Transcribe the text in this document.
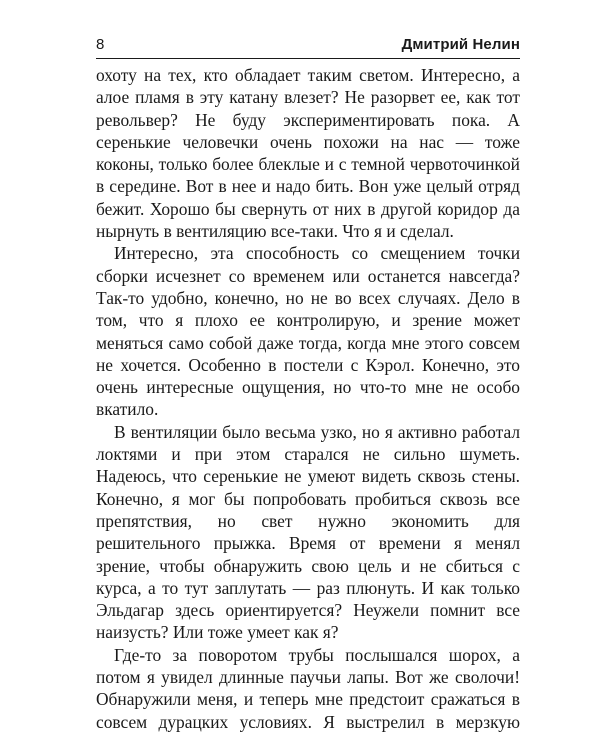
8	Дмитрий Нелин

охоту на тех, кто обладает таким светом. Интересно, а алое пламя в эту катану влезет? Не разорвет ее, как тот револьвер? Не буду экспериментировать пока. А серенькие человечки очень похожи на нас — тоже коконы, только более блеклые и с темной червоточинкой в середине. Вот в нее и надо бить. Вон уже целый отряд бежит. Хорошо бы свернуть от них в другой коридор да нырнуть в вентиляцию все-таки. Что я и сделал.

Интересно, эта способность со смещением точки сборки исчезнет со временем или останется навсегда? Так-то удобно, конечно, но не во всех случаях. Дело в том, что я плохо ее контролирую, и зрение может меняться само собой даже тогда, когда мне этого совсем не хочется. Особенно в постели с Кэрол. Конечно, это очень интересные ощущения, но что-то мне не особо вкатило.

В вентиляции было весьма узко, но я активно работал локтями и при этом старался не сильно шуметь. Надеюсь, что серенькие не умеют видеть сквозь стены. Конечно, я мог бы попробовать пробиться сквозь все препятствия, но свет нужно экономить для решительного прыжка. Время от времени я менял зрение, чтобы обнаружить свою цель и не сбиться с курса, а то тут заплутать — раз плюнуть. И как только Эльдагар здесь ориентируется? Неужели помнит все наизусть? Или тоже умеет как я?

Где-то за поворотом трубы послышался шорох, а потом я увидел длинные паучьи лапы. Вот же сволочи! Обнаружили меня, и теперь мне предстоит сражаться в совсем дурацких условиях. Я выстрелил в мерзкую
